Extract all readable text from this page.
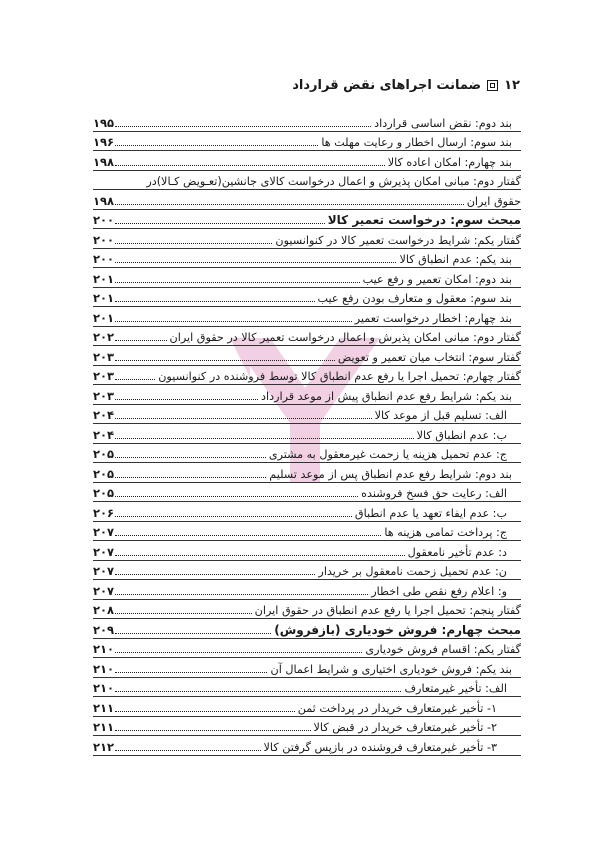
۱۲
ضمانت اجراهای نقض قرارداد
بند دوم: نقض اساسی قرارداد
۱۹۵
بند سوم: ارسال اخطار و رعایت مهلت ها
۱۹۶
بند چهارم: امکان اعاده کالا
۱۹۸
گفتار دوم: مبانی امکان پذیرش و اعمال درخواست کالای جانشین(تعـویض کـالا)در
حقوق ایران
۱۹۸
مبحث سوم: درخواست تعمیر کالا
۲۰۰
گفتار یکم: شرایط درخواست تعمیر کالا در کنوانسیون
۲۰۰
بند یکم: عدم انطباق کالا
۲۰۰
بند دوم: امکان تعمیر و رفع عیب
۲۰۱
بند سوم: معقول و متعارف بودن رفع عیب
۲۰۱
بند چهارم: اخطار درخواست تعمیر
۲۰۱
گفتار دوم: مبانی امکان پذیرش و اعمال درخواست تعمیر کالا در حقوق ایران
۲۰۲
گفتار سوم: انتخاب میان تعمیر و تعویض
۲۰۳
گفتار چهارم: تحمیل اجرا یا رفع عدم انطباق کالا توسط فروشنده در کنوانسیون
۲۰۳
بند یکم: شرایط رفع عدم انطباق پیش از موعد قرارداد
۲۰۳
الف: تسلیم قبل از موعد کالا
۲۰۴
ب: عدم انطباق کالا
۲۰۴
ج: عدم تحمیل هزینه یا زحمت غیرمعقول به مشتری
۲۰۵
بند دوم: شرایط رفع عدم انطباق پس از موعد تسلیم
۲۰۵
الف: رعایت حق فسخ فروشنده
۲۰۵
ب: عدم ایفاء تعهد یا عدم انطباق
۲۰۶
ج: پرداخت تمامی هزینه ها
۲۰۷
د: عدم تأخیر نامعقول
۲۰۷
ن: عدم تحمیل زحمت نامعقول بر خریدار
۲۰۷
و: اعلام رفع نقص طی اخطار
۲۰۷
گفتار پنجم: تحمیل اجرا یا رفع عدم انطباق در حقوق ایران
۲۰۸
مبحث چهارم: فروش خودیاری (بازفروش)
۲۰۹
گفتار یکم: اقسام فروش خودیاری
۲۱۰
بند یکم: فروش خودیاری اختیاری و شرایط اعمال آن
۲۱۰
الف: تأخیر غیرمتعارف
۲۱۰
۱- تأخیر غیرمتعارف خریدار در پرداخت ثمن
۲۱۱
۲- تأخیر غیرمتعارف خریدار در قبض کالا
۲۱۱
۳- تأخیر غیرمتعارف فروشنده در بازپس گرفتن کالا
۲۱۲
